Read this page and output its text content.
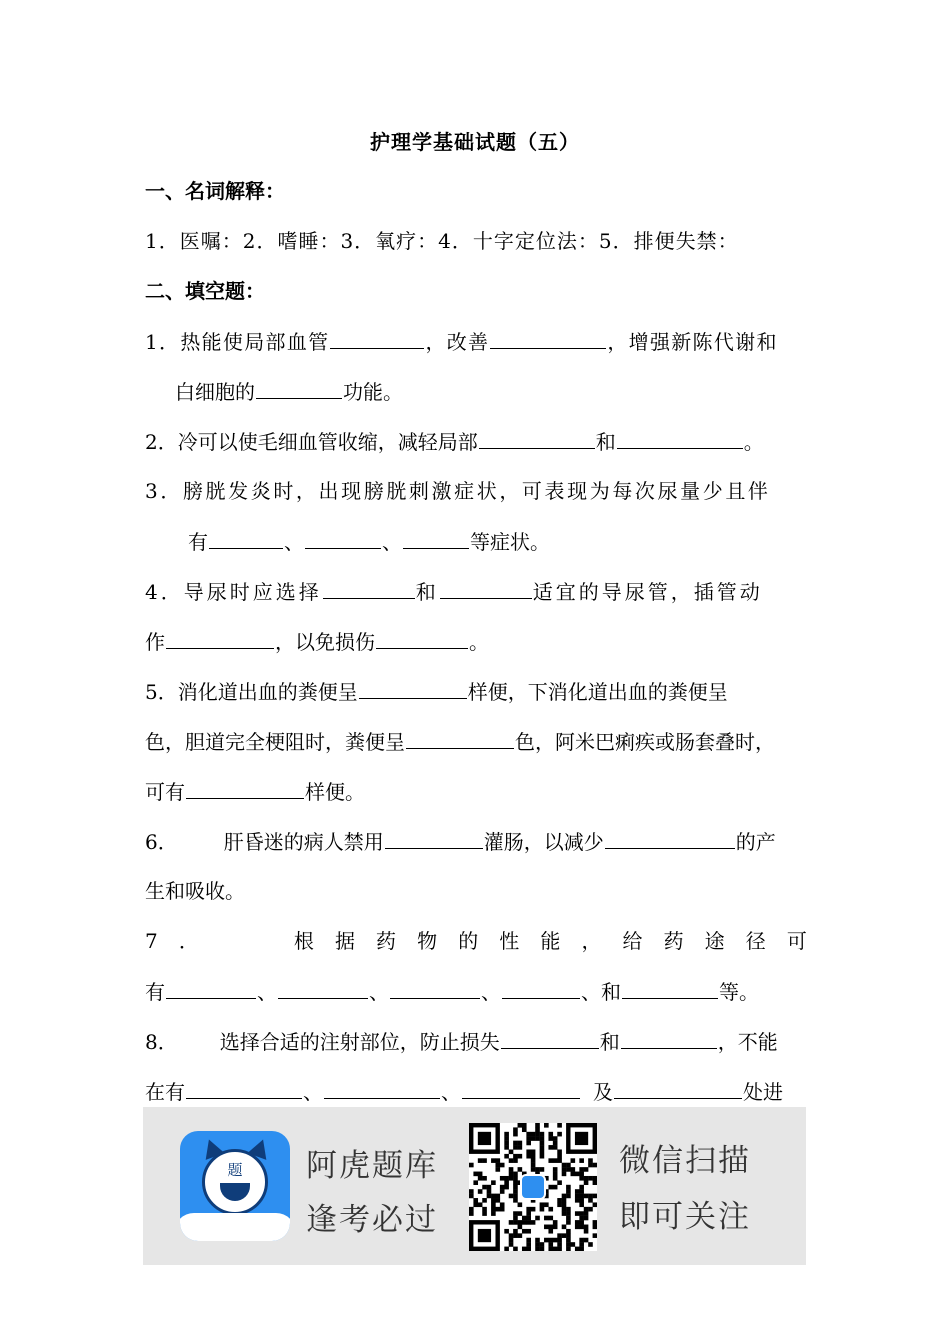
护理学基础试题（五）
一、名词解释：
1．医嘱：2．嗜睡：3．氧疗：4．十字定位法：5．排便失禁：
二、填空题：
1．热能使局部血管	，改善	，增强新陈代谢和
白细胞的	功能。
2．冷可以使毛细血管收缩，减轻局部	和	。
3．膀胱发炎时，出现膀胱刺激症状，可表现为每次尿量少且伴
有	、	、	等症状。
4．导尿时应选择	和	适宜的导尿管，插管动
作	，以免损伤	。
5．消化道出血的粪便呈	样便，下消化道出血的粪便呈
色，胆道完全梗阻时，粪便呈	色，阿米巴痢疾或肠套叠时，
可有	样便。
6． 肝昏迷的病人禁用	灌肠，以减少	的产
生和吸收。
7 ．	根 据 药 物 的 性 能 ， 给 药 途 径 可
有	、	、	、	、和	等。
8． 选择合适的注射部位，防止损失	和	，不能
在有	、	、	及	处进
题	阿虎题库
逢考必过
微信扫描
即可关注
